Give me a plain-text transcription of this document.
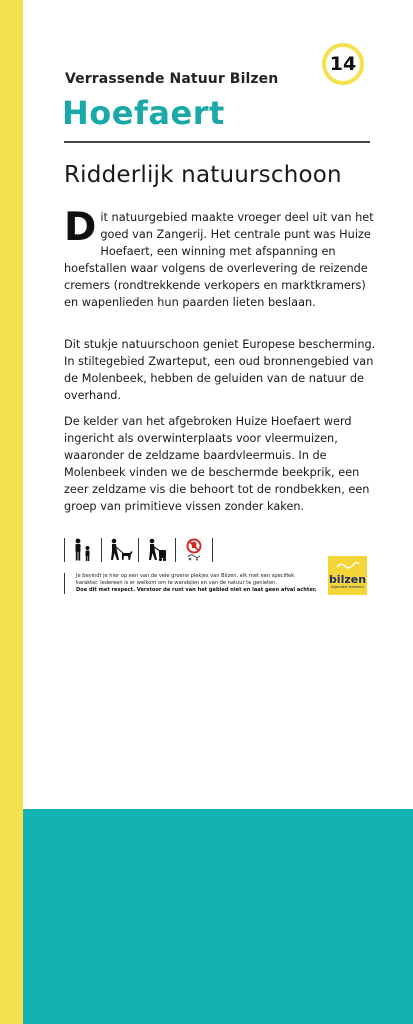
14
Verrassende Natuur Bilzen
Hoefaert
Ridderlijk natuurschoon

Dit natuurgebied maakte vroeger deel uit van het goed van Zangerij. Het centrale punt was Huize Hoefaert, een winning met afspanning en hoefstallen waar volgens de overlevering de reizende cremers (rondtrekkende verkopers en marktkramers) en wapenlieden hun paarden lieten beslaan.

Dit stukje natuurschoon geniet Europese bescherming. In stiltegebied Zwarteput, een oud bronnengebied van de Molenbeek, hebben de geluiden van de natuur de overhand.

De kelder van het afgebroken Huize Hoefaert werd ingericht als overwinterplaats voor vleermuizen, waaronder de zeldzame baardvleermuis. In de Molenbeek vinden we de beschermde beekprik, een zeer zeldzame vis die behoort tot de rondbekken, een groep van primitieve vissen zonder kaken.

Je bevindt je hier op een van de vele groene plekjes van Bilzen, elk met een specifiek
karakter. Iedereen is er welkom om te wandelen en van de natuur te genieten.
Doe dit met respect. Verstoor de rust van het gebied niet en laat geen afval achter.
bilzen
bijzonder boeiend
